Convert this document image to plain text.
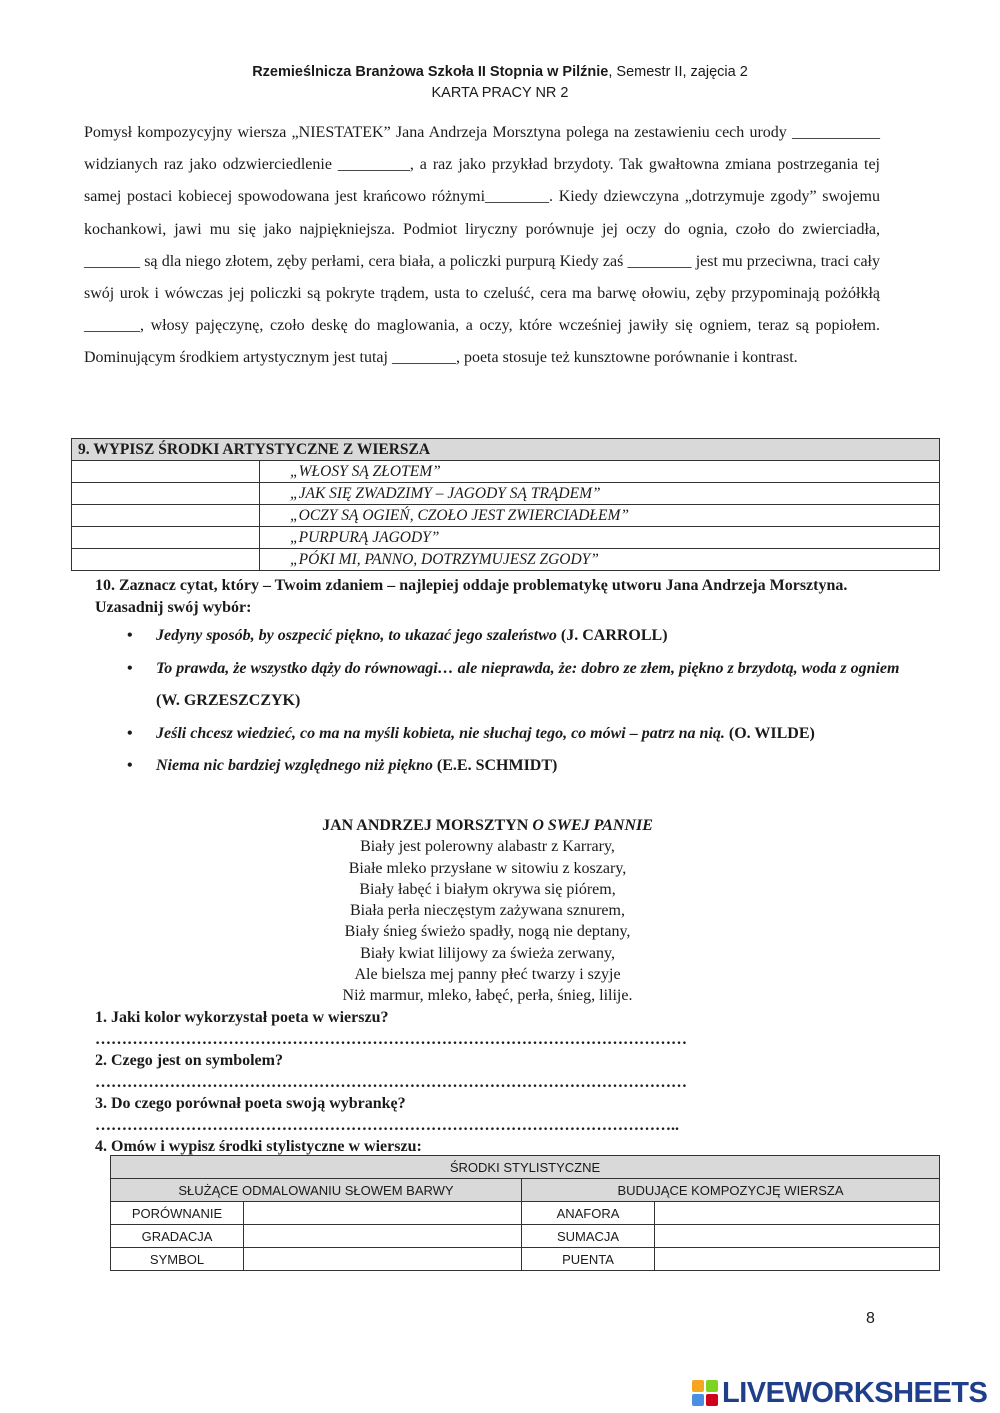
Rzemieślnicza Branżowa Szkoła II Stopnia w Pilźnie, Semestr II, zajęcia 2
KARTA PRACY NR 2
Pomysł kompozycyjny wiersza „NIESTATEK” Jana Andrzeja Morsztyna polega na zestawieniu cech urody ___________ widzianych raz jako odzwierciedlenie _________, a raz jako przykład brzydoty. Tak gwałtowna zmiana postrzegania tej samej postaci kobiecej spowodowana jest krańcowo różnymi________. Kiedy dziewczyna „dotrzymuje zgody” swojemu kochankowi, jawi mu się jako najpiękniejsza. Podmiot liryczny porównuje jej oczy do ognia, czoło do zwierciadła, _______ są dla niego złotem, zęby perłami, cera biała, a policzki purpurą Kiedy zaś ________ jest mu przeciwna, traci cały swój urok i wówczas jej policzki są pokryte trądem, usta to czeluść, cera ma barwę ołowiu, zęby przypominają pożółkłą _______, włosy pajęczynę, czoło deskę do maglowania, a oczy, które wcześniej jawiły się ogniem, teraz są popiołem. Dominującym środkiem artystycznym jest tutaj ________, poeta stosuje też kunsztowne porównanie i kontrast.
9. WYPISZ ŚRODKI ARTYSTYCZNE Z WIERSZA	
	„WŁOSY SĄ ZŁOTEM”
	„JAK SIĘ ZWADZIMY – JAGODY SĄ TRĄDEM”
	„OCZY SĄ OGIEŃ, CZOŁO JEST ZWIERCIADŁEM”
	„PURPURĄ JAGODY”
	„PÓKI MI, PANNO, DOTRZYMUJESZ ZGODY”
10. Zaznacz cytat, który – Twoim zdaniem – najlepiej oddaje problematykę utworu Jana Andrzeja Morsztyna. Uzasadnij swój wybór:
• Jedyny sposób, by oszpecić piękno, to ukazać jego szaleństwo (J. CARROLL)
• To prawda, że wszystko dąży do równowagi… ale nieprawda, że: dobro ze złem, piękno z brzydotą, woda z ogniem (W. GRZESZCZYK)
• Jeśli chcesz wiedzieć, co ma na myśli kobieta, nie słuchaj tego, co mówi – patrz na nią. (O. WILDE)
• Niema nic bardziej względnego niż piękno (E.E. SCHMIDT)
JAN ANDRZEJ MORSZTYN O SWEJ PANNIE
Biały jest polerowny alabastr z Karrary,
Białe mleko przysłane w sitowiu z koszary,
Biały łabęć i białym okrywa się piórem,
Biała perła nieczęstym zażywana sznurem,
Biały śnieg świeżo spadły, nogą nie deptany,
Biały kwiat lilijowy za świeża zerwany,
Ale bielsza mej panny płeć twarzy i szyje
Niż marmur, mleko, łabęć, perła, śnieg, lilije.
1. Jaki kolor wykorzystał poeta w wierszu?
…………………………………………………………………………………………………
2. Czego jest on symbolem?
…………………………………………………………………………………………………
3. Do czego porównał poeta swoją wybrankę?
………………………………………………………………………………………………..
4. Omów i wypisz środki stylistyczne w wierszu:
ŚRODKI STYLISTYCZNE			
SŁUŻĄCE ODMALOWANIU SŁOWEM BARWY		BUDUJĄCE KOMPOZYCJĘ WIERSZA	
PORÓWNANIE		ANAFORA	
GRADACJA		SUMACJA	
SYMBOL		PUENTA	
8
LIVEWORKSHEETS
